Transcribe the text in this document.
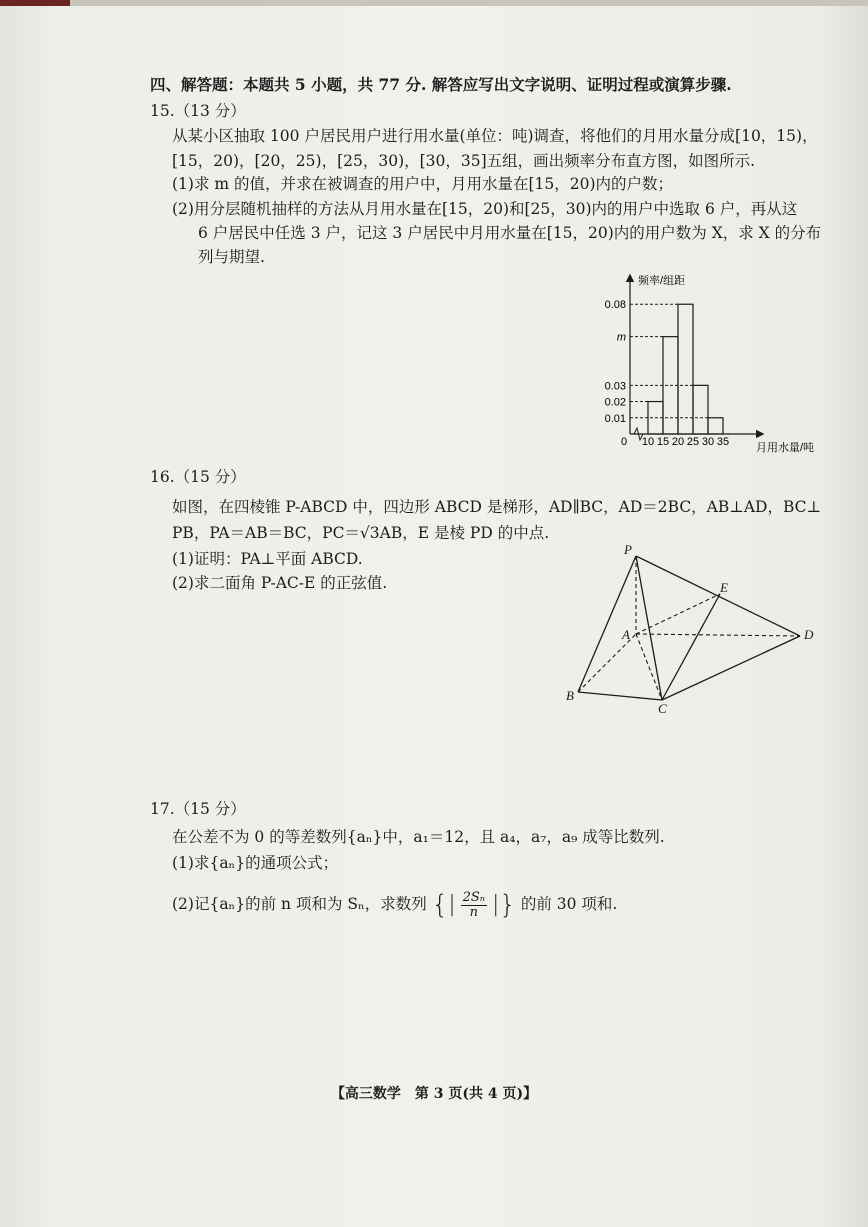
四、解答题：本题共 5 小题，共 77 分. 解答应写出文字说明、证明过程或演算步骤.
15.（13 分）
从某小区抽取 100 户居民用户进行用水量(单位：吨)调查，将他们的月用水量分成[10，15)，
[15，20)，[20，25)，[25，30)，[30，35]五组，画出频率分布直方图，如图所示.
(1)求 m 的值，并求在被调查的用户中，月用水量在[15，20)内的户数；
(2)用分层随机抽样的方法从月用水量在[15，20)和[25，30)内的用户中选取 6 户，再从这
6 户居民中任选 3 户，记这 3 户居民中月用水量在[15，20)内的用户数为 X，求 X 的分布
列与期望.
频率/组距
月用水量/吨
0.01
0.02
0.03
m
0.08
0 10 15 20 25 30 35
16.（15 分）
如图，在四棱锥 P-ABCD 中，四边形 ABCD 是梯形，AD∥BC，AD＝2BC，AB⊥AD，BC⊥
PB，PA＝AB＝BC，PC＝√3AB，E 是棱 PD 的中点.
(1)证明：PA⊥平面 ABCD.
(2)求二面角 P-AC-E 的正弦值.
P
A
B
C
D
E
17.（15 分）
在公差不为 0 的等差数列{aₙ}中，a₁＝12，且 a₄，a₇，a₉ 成等比数列.
(1)求{aₙ}的通项公式；
(2)记{aₙ}的前 n 项和为 Sₙ，求数列 {| $\frac{\text{2Sₙ}}{n}$ |} 的前 30 项和.
【高三数学　第 3 页(共 4 页)】
